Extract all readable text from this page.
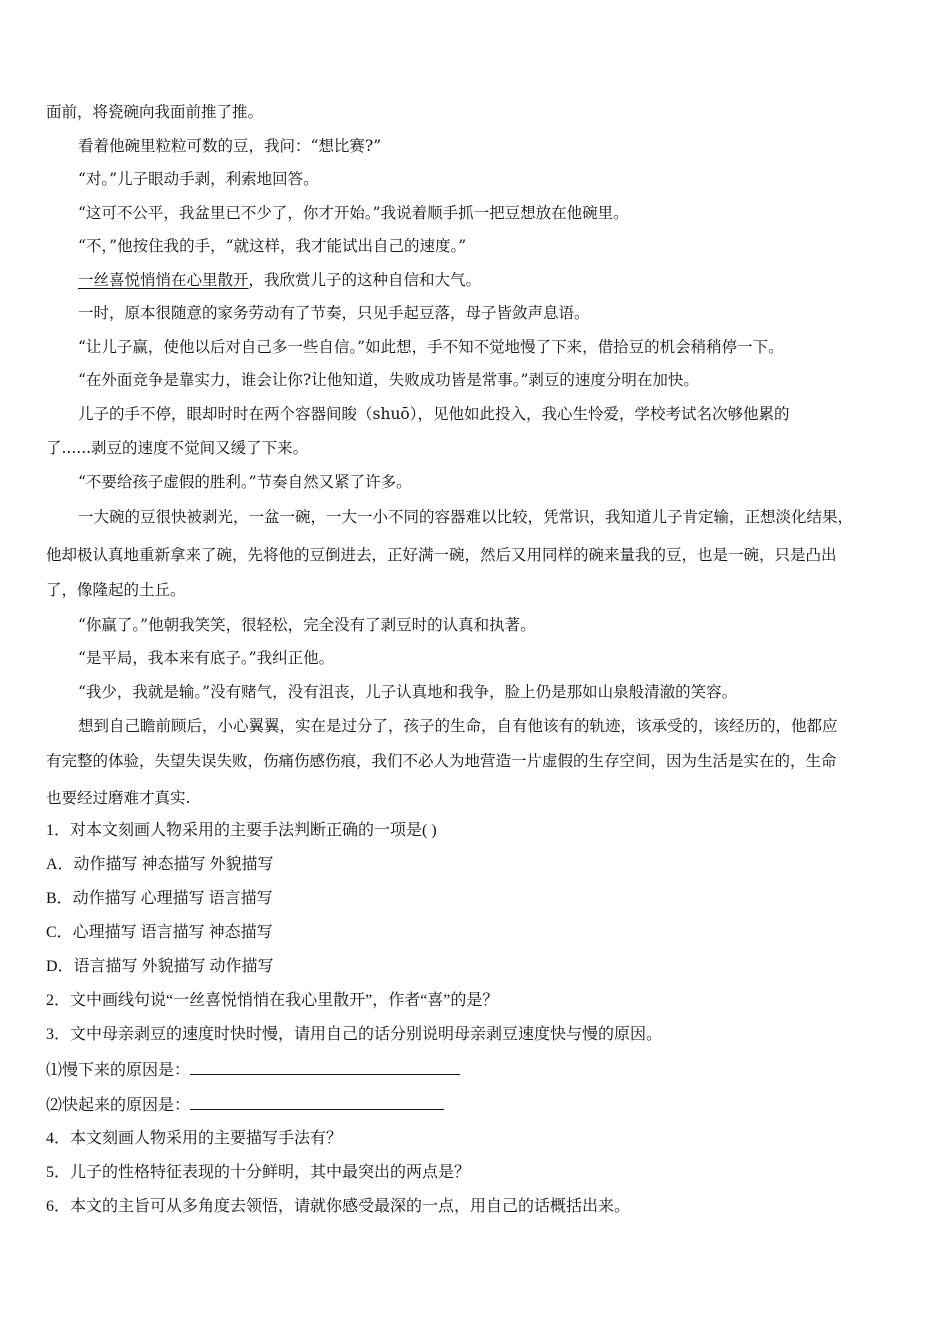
面前，将瓷碗向我面前推了推。
看着他碗里粒粒可数的豆，我问：“想比赛?”
“对。”儿子眼动手剥，利索地回答。
“这可不公平，我盆里已不少了，你才开始。”我说着顺手抓一把豆想放在他碗里。
“不，”他按住我的手，“就这样，我才能试出自己的速度。”
一丝喜悦悄悄在心里散开，我欣赏儿子的这种自信和大气。
一时，原本很随意的家务劳动有了节奏，只见手起豆落，母子皆敛声息语。
“让儿子赢，使他以后对自己多一些自信。”如此想，手不知不觉地慢了下来，借拾豆的机会稍稍停一下。
“在外面竞争是靠实力，谁会让你?让他知道，失败成功皆是常事。”剥豆的速度分明在加快。
儿子的手不停，眼却时时在两个容器间睃（shuō），见他如此投入，我心生怜爱，学校考试名次够他累的
了......剥豆的速度不觉间又缓了下来。
“不要给孩子虚假的胜利。”节奏自然又紧了许多。
一大碗的豆很快被剥光，一盆一碗，一大一小不同的容器难以比较，凭常识，我知道儿子肯定输，正想淡化结果，
他却极认真地重新拿来了碗，先将他的豆倒进去，正好满一碗，然后又用同样的碗来量我的豆，也是一碗，只是凸出
了，像隆起的土丘。
“你赢了。”他朝我笑笑，很轻松，完全没有了剥豆时的认真和执著。
“是平局，我本来有底子。”我纠正他。
“我少，我就是输。”没有赌气，没有沮丧，儿子认真地和我争，脸上仍是那如山泉般清澈的笑容。
想到自己瞻前顾后，小心翼翼，实在是过分了，孩子的生命，自有他该有的轨迹，该承受的，该经历的，他都应
有完整的体验，失望失误失败，伤痛伤感伤痕，我们不必人为地营造一片虚假的生存空间，因为生活是实在的，生命
也要经过磨难才真实.
1．对本文刻画人物采用的主要手法判断正确的一项是( )
A．动作描写 神态描写 外貌描写
B．动作描写 心理描写 语言描写
C．心理描写 语言描写 神态描写
D．语言描写 外貌描写 动作描写
2．文中画线句说“一丝喜悦悄悄在我心里散开”，作者“喜”的是？
3．文中母亲剥豆的速度时快时慢，请用自己的话分别说明母亲剥豆速度快与慢的原因。
⑴慢下来的原因是：
⑵快起来的原因是：
4．本文刻画人物采用的主要描写手法有？
5．儿子的性格特征表现的十分鲜明，其中最突出的两点是？
6．本文的主旨可从多角度去领悟，请就你感受最深的一点，用自己的话概括出来。
